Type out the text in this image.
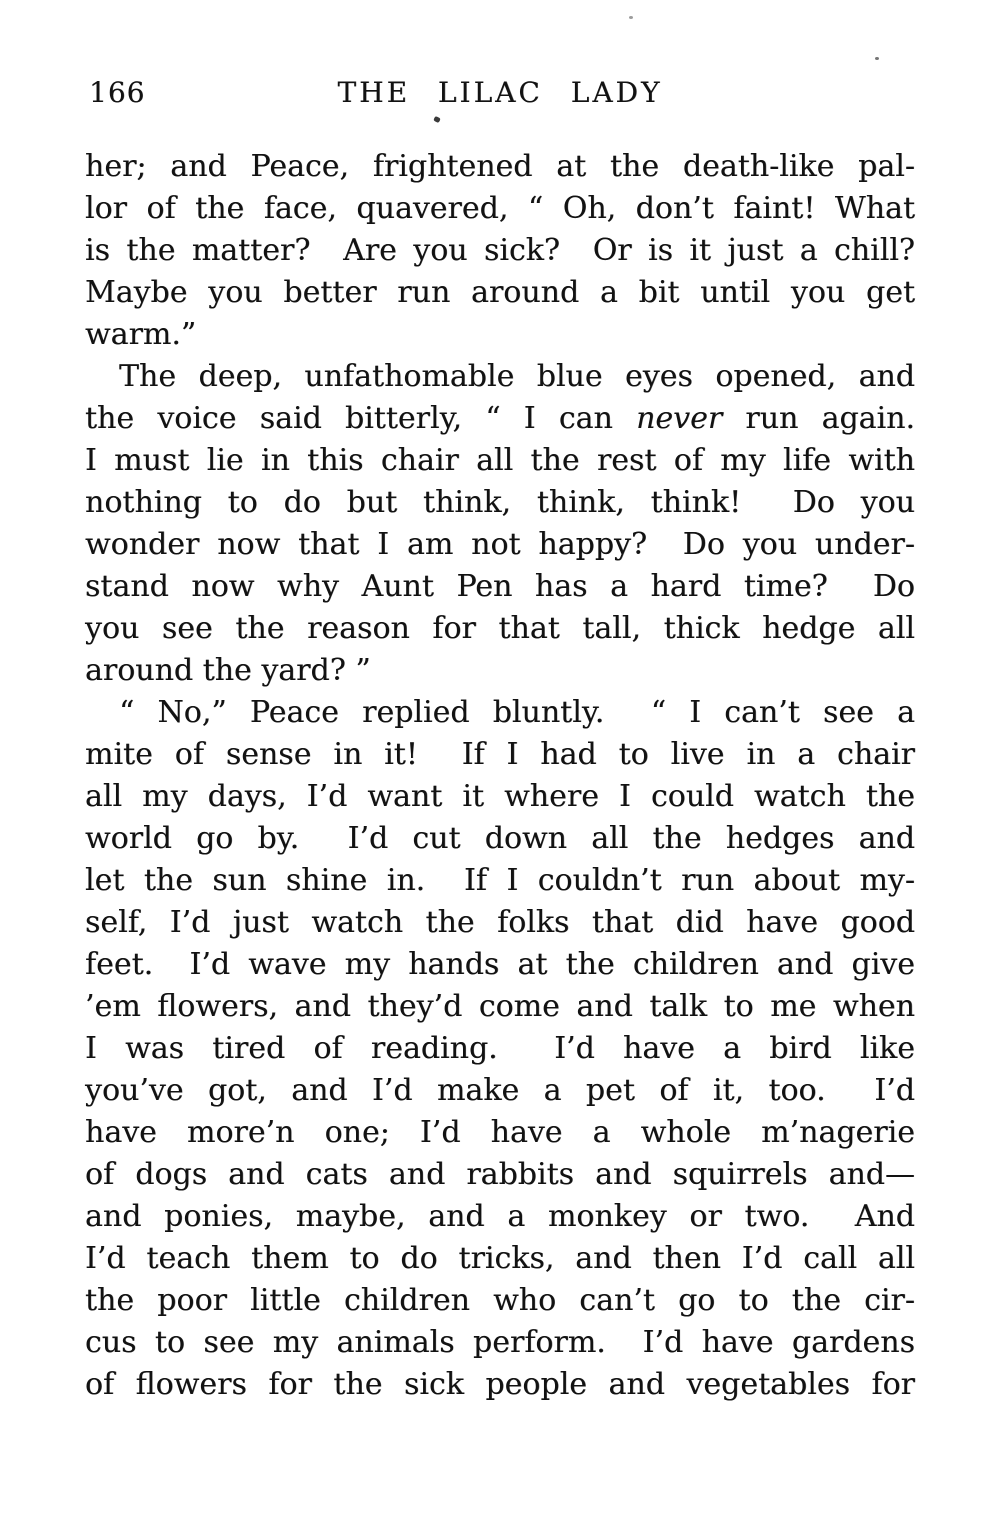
166	THE LILAC LADY
her; and Peace, frightened at the death-like pal-
lor of the face, quavered, “ Oh, don’t faint! What
is the matter?  Are you sick?  Or is it just a chill?
Maybe you better run around a bit until you get
warm.”
The deep, unfathomable blue eyes opened, and
the voice said bitterly, “ I can never run again.
I must lie in this chair all the rest of my life with
nothing to do but think, think, think!  Do you
wonder now that I am not happy?  Do you under-
stand now why Aunt Pen has a hard time?  Do
you see the reason for that tall, thick hedge all
around the yard? ”
“ No,” Peace replied bluntly.  “ I can’t see a
mite of sense in it!  If I had to live in a chair
all my days, I’d want it where I could watch the
world go by.  I’d cut down all the hedges and
let the sun shine in.  If I couldn’t run about my-
self, I’d just watch the folks that did have good
feet.  I’d wave my hands at the children and give
’em flowers, and they’d come and talk to me when
I was tired of reading.  I’d have a bird like
you’ve got, and I’d make a pet of it, too.  I’d
have more’n one; I’d have a whole m’nagerie
of dogs and cats and rabbits and squirrels and—
and ponies, maybe, and a monkey or two.  And
I’d teach them to do tricks, and then I’d call all
the poor little children who can’t go to the cir-
cus to see my animals perform.  I’d have gardens
of flowers for the sick people and vegetables for
